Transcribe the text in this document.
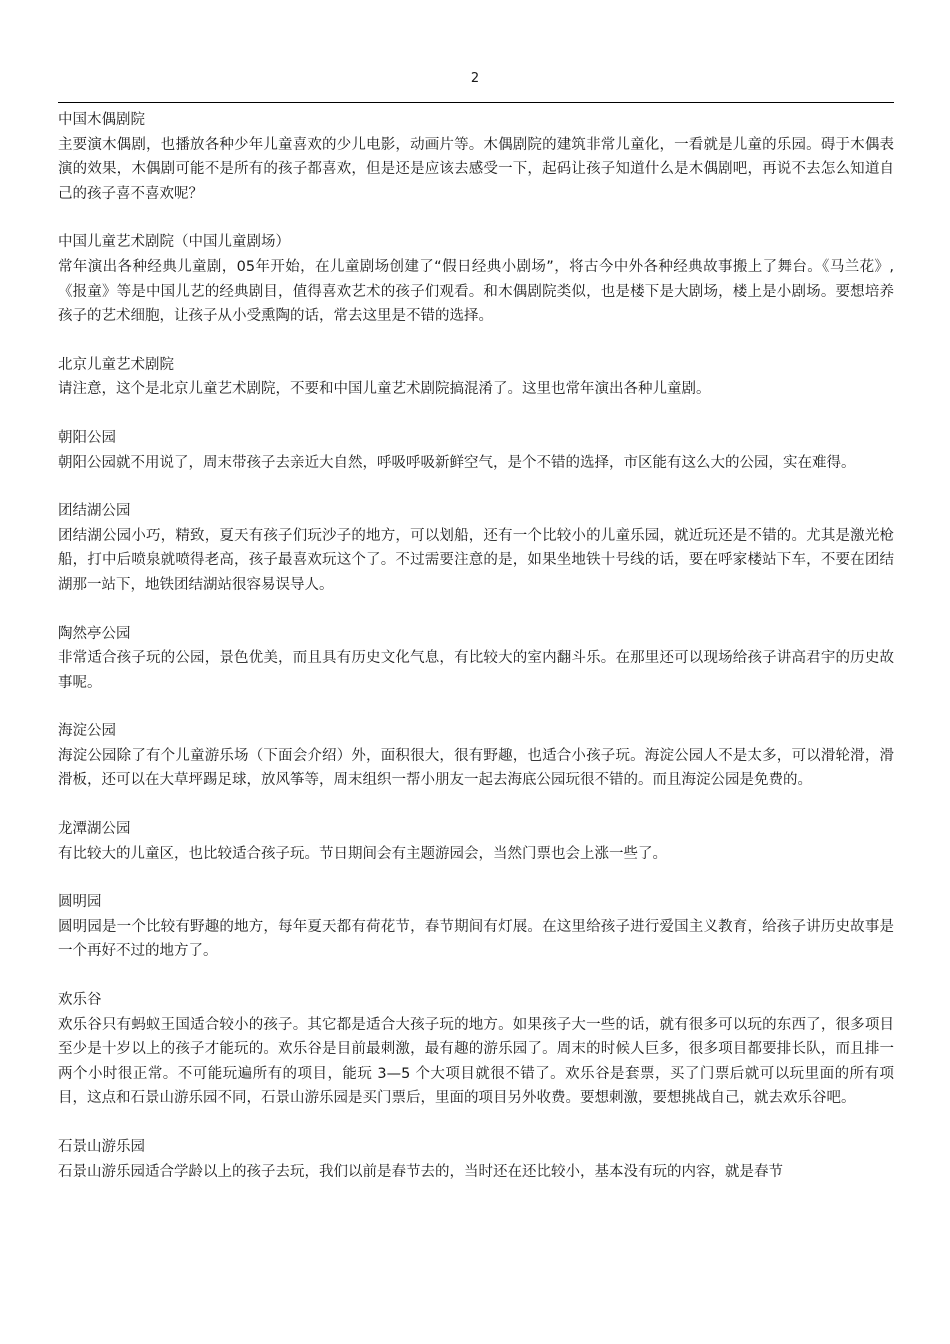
2

中国木偶剧院

主要演木偶剧，也播放各种少年儿童喜欢的少儿电影，动画片等。木偶剧院的建筑非常儿童化，一看就是儿童的乐园。碍于木偶表演的效果，木偶剧可能不是所有的孩子都喜欢，但是还是应该去感受一下，起码让孩子知道什么是木偶剧吧，再说不去怎么知道自己的孩子喜不喜欢呢？

中国儿童艺术剧院（中国儿童剧场）

常年演出各种经典儿童剧，05年开始，在儿童剧场创建了“假日经典小剧场”，将古今中外各种经典故事搬上了舞台。《马兰花》,《报童》等是中国儿艺的经典剧目，值得喜欢艺术的孩子们观看。和木偶剧院类似，也是楼下是大剧场，楼上是小剧场。要想培养孩子的艺术细胞，让孩子从小受熏陶的话，常去这里是不错的选择。

北京儿童艺术剧院

请注意，这个是北京儿童艺术剧院，不要和中国儿童艺术剧院搞混淆了。这里也常年演出各种儿童剧。

朝阳公园

朝阳公园就不用说了，周末带孩子去亲近大自然，呼吸呼吸新鲜空气，是个不错的选择，市区能有这么大的公园，实在难得。

团结湖公园

团结湖公园小巧，精致，夏天有孩子们玩沙子的地方，可以划船，还有一个比较小的儿童乐园，就近玩还是不错的。尤其是激光枪船，打中后喷泉就喷得老高，孩子最喜欢玩这个了。不过需要注意的是，如果坐地铁十号线的话，要在呼家楼站下车，不要在团结湖那一站下，地铁团结湖站很容易误导人。

陶然亭公园

非常适合孩子玩的公园，景色优美，而且具有历史文化气息，有比较大的室内翻斗乐。在那里还可以现场给孩子讲高君宇的历史故事呢。

海淀公园

海淀公园除了有个儿童游乐场（下面会介绍）外，面积很大，很有野趣，也适合小孩子玩。海淀公园人不是太多，可以滑轮滑，滑滑板，还可以在大草坪踢足球，放风筝等，周末组织一帮小朋友一起去海底公园玩很不错的。而且海淀公园是免费的。

龙潭湖公园

有比较大的儿童区，也比较适合孩子玩。节日期间会有主题游园会，当然门票也会上涨一些了。

圆明园

圆明园是一个比较有野趣的地方，每年夏天都有荷花节，春节期间有灯展。在这里给孩子进行爱国主义教育，给孩子讲历史故事是一个再好不过的地方了。

欢乐谷

欢乐谷只有蚂蚁王国适合较小的孩子。其它都是适合大孩子玩的地方。如果孩子大一些的话，就有很多可以玩的东西了，很多项目至少是十岁以上的孩子才能玩的。欢乐谷是目前最刺激，最有趣的游乐园了。周末的时候人巨多，很多项目都要排长队，而且排一两个小时很正常。不可能玩遍所有的项目，能玩 3—5 个大项目就很不错了。欢乐谷是套票，买了门票后就可以玩里面的所有项目，这点和石景山游乐园不同，石景山游乐园是买门票后，里面的项目另外收费。要想刺激，要想挑战自己，就去欢乐谷吧。

石景山游乐园

石景山游乐园适合学龄以上的孩子去玩，我们以前是春节去的，当时还在还比较小，基本没有玩的内容，就是春节
